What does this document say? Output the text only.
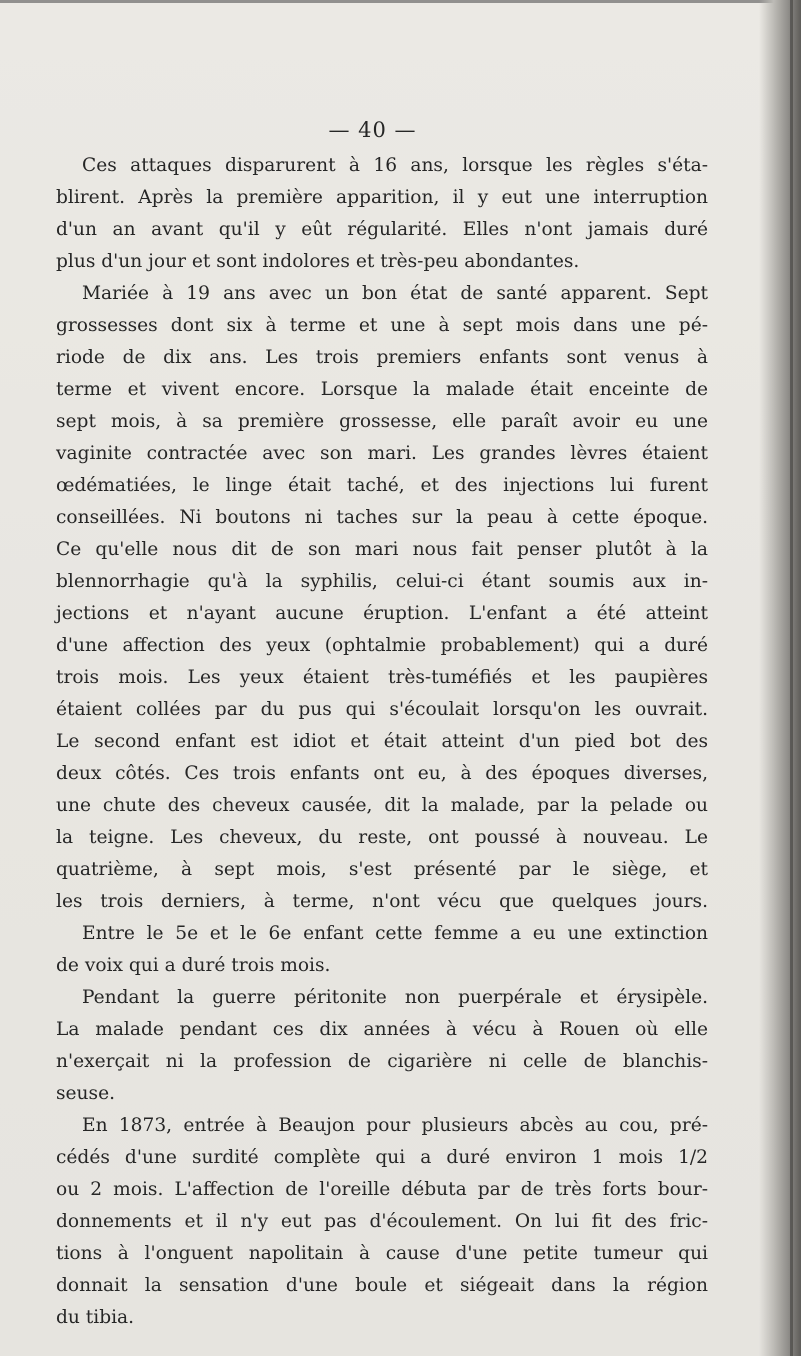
— 40 —
Ces attaques disparurent à 16 ans, lorsque les règles s'éta-
blirent. Après la première apparition, il y eut une interruption
d'un an avant qu'il y eût régularité. Elles n'ont jamais duré
plus d'un jour et sont indolores et très-peu abondantes.
Mariée à 19 ans avec un bon état de santé apparent. Sept
grossesses dont six à terme et une à sept mois dans une pé-
riode de dix ans. Les trois premiers enfants sont venus à
terme et vivent encore. Lorsque la malade était enceinte de
sept mois, à sa première grossesse, elle paraît avoir eu une
vaginite contractée avec son mari. Les grandes lèvres étaient
œdématiées, le linge était taché, et des injections lui furent
conseillées. Ni boutons ni taches sur la peau à cette époque.
Ce qu'elle nous dit de son mari nous fait penser plutôt à la
blennorrhagie qu'à la syphilis, celui-ci étant soumis aux in-
jections et n'ayant aucune éruption. L'enfant a été atteint
d'une affection des yeux (ophtalmie probablement) qui a duré
trois mois. Les yeux étaient très-tuméfiés et les paupières
étaient collées par du pus qui s'écoulait lorsqu'on les ouvrait.
Le second enfant est idiot et était atteint d'un pied bot des
deux côtés. Ces trois enfants ont eu, à des époques diverses,
une chute des cheveux causée, dit la malade, par la pelade ou
la teigne. Les cheveux, du reste, ont poussé à nouveau. Le
quatrième, à sept mois, s'est présenté par le siège, et
les trois derniers, à terme, n'ont vécu que quelques jours.
Entre le 5e et le 6e enfant cette femme a eu une extinction
de voix qui a duré trois mois.
Pendant la guerre péritonite non puerpérale et érysipèle.
La malade pendant ces dix années à vécu à Rouen où elle
n'exerçait ni la profession de cigarière ni celle de blanchis-
seuse.
En 1873, entrée à Beaujon pour plusieurs abcès au cou, pré-
cédés d'une surdité complète qui a duré environ 1 mois 1/2
ou 2 mois. L'affection de l'oreille débuta par de très forts bour-
donnements et il n'y eut pas d'écoulement. On lui fit des fric-
tions à l'onguent napolitain à cause d'une petite tumeur qui
donnait la sensation d'une boule et siégeait dans la région
du tibia.
